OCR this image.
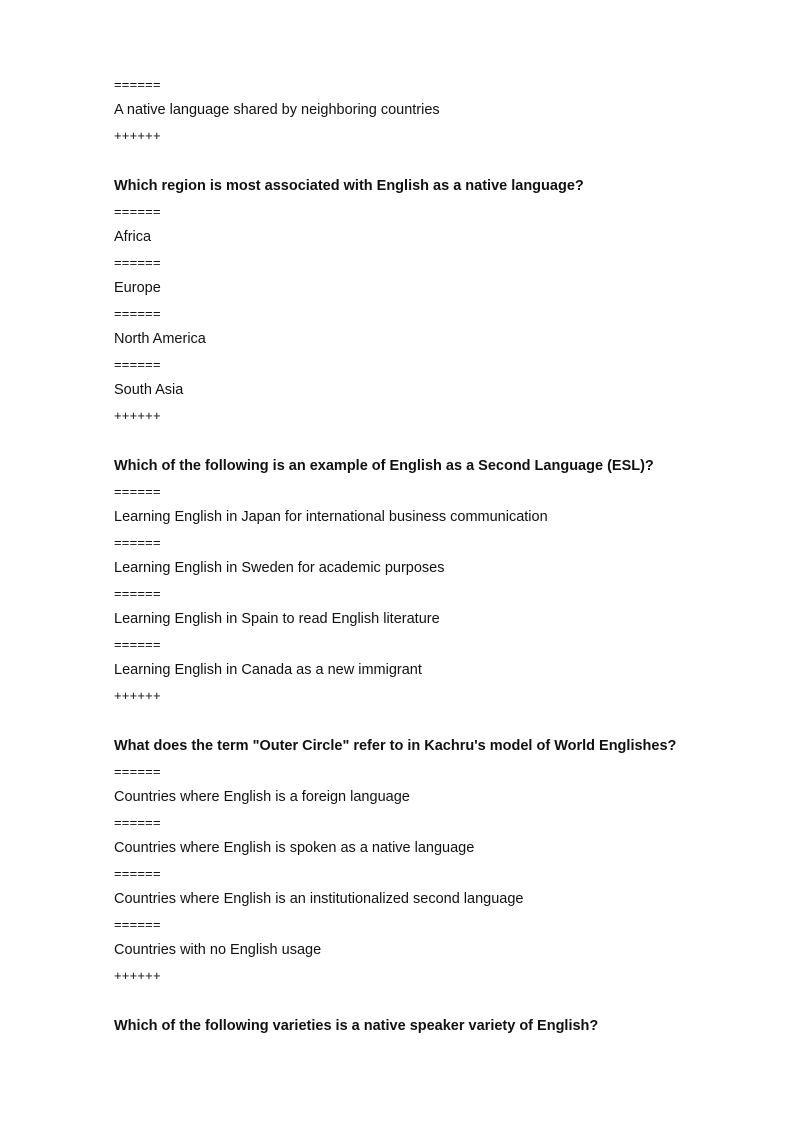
======
A native language shared by neighboring countries
++++++
Which region is most associated with English as a native language?
======
Africa
======
Europe
======
North America
======
South Asia
++++++
Which of the following is an example of English as a Second Language (ESL)?
======
Learning English in Japan for international business communication
======
Learning English in Sweden for academic purposes
======
Learning English in Spain to read English literature
======
Learning English in Canada as a new immigrant
++++++
What does the term "Outer Circle" refer to in Kachru's model of World Englishes?
======
Countries where English is a foreign language
======
Countries where English is spoken as a native language
======
Countries where English is an institutionalized second language
======
Countries with no English usage
++++++
Which of the following varieties is a native speaker variety of English?
